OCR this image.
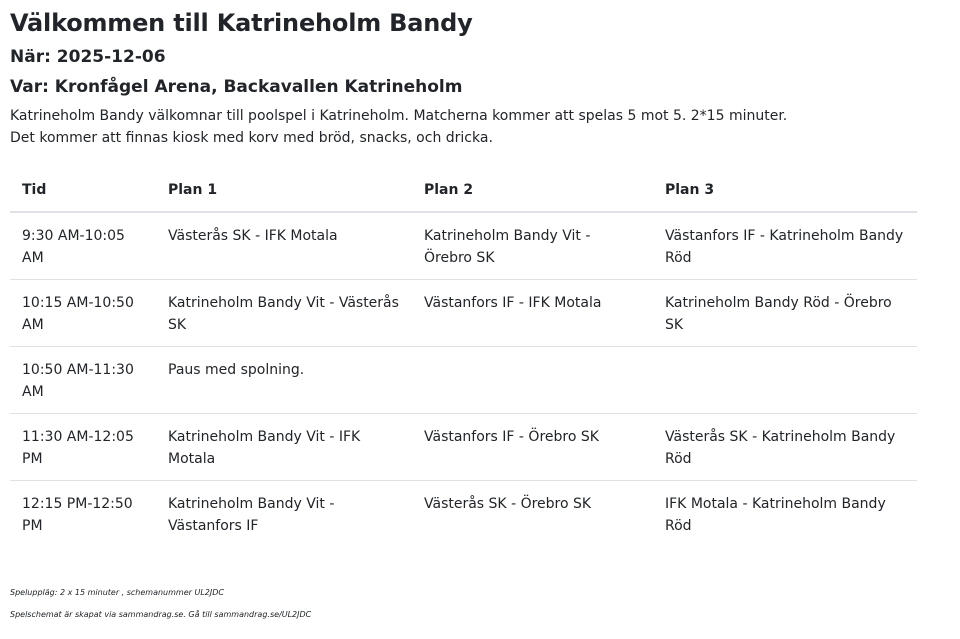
Välkommen till Katrineholm Bandy
När: 2025-12-06
Var: Kronfågel Arena, Backavallen Katrineholm
Katrineholm Bandy välkomnar till poolspel i Katrineholm. Matcherna kommer att spelas 5 mot 5. 2*15 minuter.
Det kommer att finnas kiosk med korv med bröd, snacks, och dricka.
Tid	Plan 1	Plan 2	Plan 3
9:30 AM-10:05 AM	Västerås SK - IFK Motala	Katrineholm Bandy Vit - Örebro SK	Västanfors IF - Katrineholm Bandy Röd
10:15 AM-10:50 AM	Katrineholm Bandy Vit - Västerås SK	Västanfors IF - IFK Motala	Katrineholm Bandy Röd - Örebro SK
10:50 AM-11:30 AM	Paus med spolning.		
11:30 AM-12:05 PM	Katrineholm Bandy Vit - IFK Motala	Västanfors IF - Örebro SK	Västerås SK - Katrineholm Bandy Röd
12:15 PM-12:50 PM	Katrineholm Bandy Vit - Västanfors IF	Västerås SK - Örebro SK	IFK Motala - Katrineholm Bandy Röd
Speluppläg: 2 x 15 minuter , schemanummer UL2JDC
Spelschemat är skapat via sammandrag.se. Gå till sammandrag.se/UL2JDC
